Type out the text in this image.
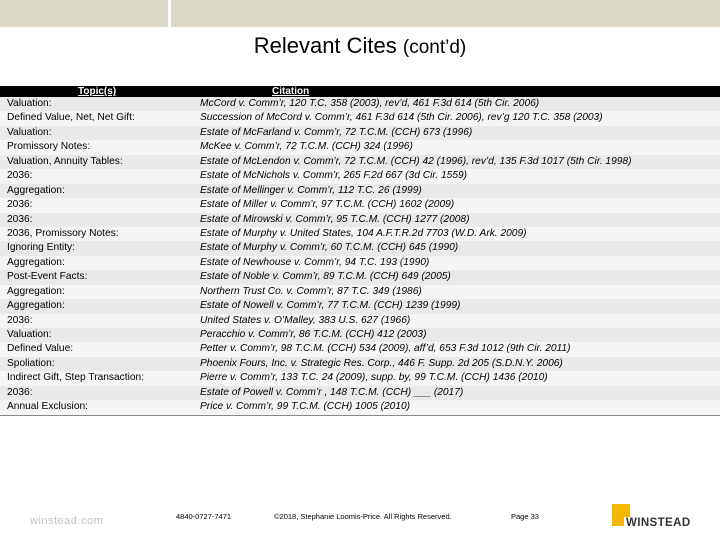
Relevant Cites (cont’d)
Topic(s)	Citation
Valuation:	McCord v. Comm’r, 120 T.C. 358 (2003), rev’d, 461 F.3d 614 (5th Cir. 2006)
Defined Value, Net, Net Gift:	Succession of McCord v. Comm’r, 461 F.3d 614 (5th Cir. 2006), rev’g 120 T.C. 358 (2003)
Valuation:	Estate of McFarland v. Comm’r, 72 T.C.M. (CCH) 673 (1996)
Promissory Notes:	McKee v. Comm’r, 72 T.C.M. (CCH) 324 (1996)
Valuation, Annuity Tables:	Estate of McLendon v. Comm’r, 72 T.C.M. (CCH) 42 (1996), rev’d, 135 F.3d 1017 (5th Cir. 1998)
2036:	Estate of McNichols v. Comm’r, 265 F.2d 667 (3d Cir. 1559)
Aggregation:	Estate of Mellinger v. Comm’r, 112 T.C. 26 (1999)
2036:	Estate of Miller v. Comm’r, 97 T.C.M. (CCH) 1602 (2009)
2036:	Estate of Mirowski v. Comm’r, 95 T.C.M. (CCH) 1277 (2008)
2036, Promissory Notes:	Estate of Murphy v. United States, 104 A.F.T.R.2d 7703 (W.D. Ark. 2009)
Ignoring Entity:	Estate of Murphy v. Comm’r, 60 T.C.M. (CCH) 645 (1990)
Aggregation:	Estate of Newhouse v. Comm’r, 94 T.C. 193 (1990)
Post-Event Facts:	Estate of Noble v. Comm’r, 89 T.C.M. (CCH) 649 (2005)
Aggregation:	Northern Trust Co. v. Comm’r, 87 T.C. 349 (1986)
Aggregation:	Estate of Nowell v. Comm’r, 77 T.C.M. (CCH) 1239 (1999)
2036:	United States v. O’Malley, 383 U.S. 627 (1966)
Valuation:	Peracchio v. Comm’r, 86 T.C.M. (CCH) 412 (2003)
Defined Value:	Petter v. Comm’r, 98 T.C.M. (CCH) 534 (2009), aff’d, 653 F.3d 1012 (9th Cir. 2011)
Spoliation:	Phoenix Fours, Inc. v. Strategic Res. Corp., 446 F. Supp. 2d 205 (S.D.N.Y. 2006)
Indirect Gift, Step Transaction:	Pierre v. Comm’r, 133 T.C. 24 (2009), supp. by, 99 T.C.M. (CCH) 1436 (2010)
2036:	Estate of Powell v. Comm’r , 148 T.C.M. (CCH) ___ (2017)
Annual Exclusion:	Price v. Comm’r, 99 T.C.M. (CCH) 1005 (2010)
winstead.com	4840-0727-7471	©2018, Stephanie Loomis-Price. All Rights Reserved.	Page 33
WINSTEAD
